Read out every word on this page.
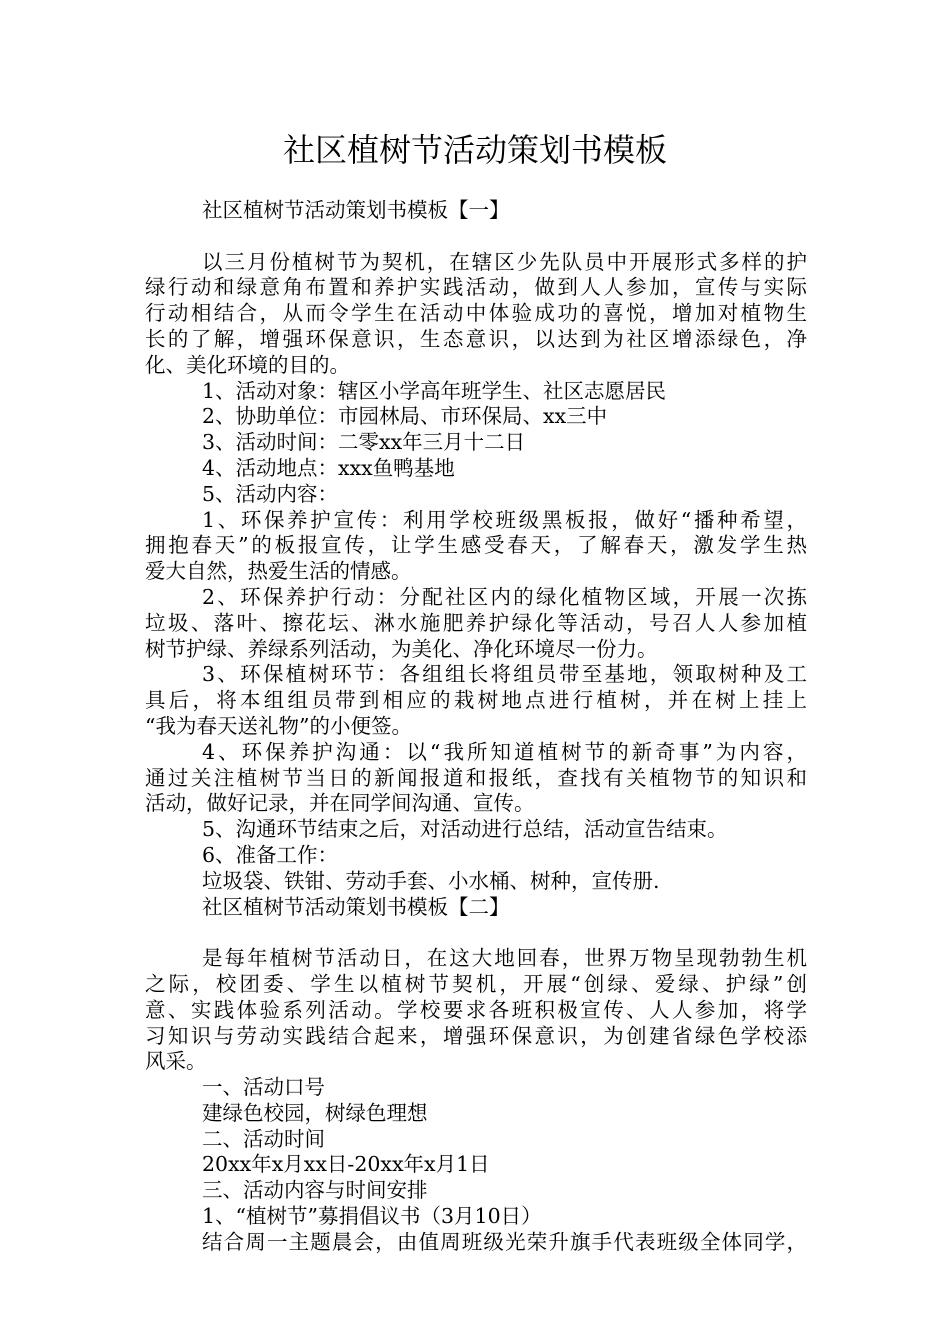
社区植树节活动策划书模板

社区植树节活动策划书模板【一】

以三月份植树节为契机，在辖区少先队员中开展形式多样的护

绿行动和绿意角布置和养护实践活动，做到人人参加，宣传与实际

行动相结合，从而令学生在活动中体验成功的喜悦，增加对植物生

长的了解，增强环保意识，生态意识，以达到为社区增添绿色，净

化、美化环境的目的。

1、活动对象：辖区小学高年班学生、社区志愿居民

2、协助单位：市园林局、市环保局、xx三中

3、活动时间：二零xx年三月十二日

4、活动地点：xxx鱼鸭基地

5、活动内容：

1、环保养护宣传：利用学校班级黑板报，做好“播种希望，

拥抱春天”的板报宣传，让学生感受春天，了解春天，激发学生热

爱大自然，热爱生活的情感。

2、环保养护行动：分配社区内的绿化植物区域，开展一次拣

垃圾、落叶、擦花坛、淋水施肥养护绿化等活动，号召人人参加植

树节护绿、养绿系列活动，为美化、净化环境尽一份力。

3、环保植树环节：各组组长将组员带至基地，领取树种及工

具后，将本组组员带到相应的栽树地点进行植树，并在树上挂上

“我为春天送礼物”的小便签。

4、环保养护沟通：以“我所知道植树节的新奇事”为内容，

通过关注植树节当日的新闻报道和报纸，查找有关植物节的知识和

活动，做好记录，并在同学间沟通、宣传。

5、沟通环节结束之后，对活动进行总结，活动宣告结束。

6、准备工作：

垃圾袋、铁钳、劳动手套、小水桶、树种，宣传册.

社区植树节活动策划书模板【二】

是每年植树节活动日，在这大地回春，世界万物呈现勃勃生机

之际，校团委、学生以植树节契机，开展“创绿、爱绿、护绿”创

意、实践体验系列活动。学校要求各班积极宣传、人人参加，将学

习知识与劳动实践结合起来，增强环保意识，为创建省绿色学校添

风采。

一、活动口号

建绿色校园，树绿色理想

二、活动时间

20xx年x月xx日-20xx年x月1日

三、活动内容与时间安排

1、“植树节”募捐倡议书（3月10日）

结合周一主题晨会，由值周班级光荣升旗手代表班级全体同学，
